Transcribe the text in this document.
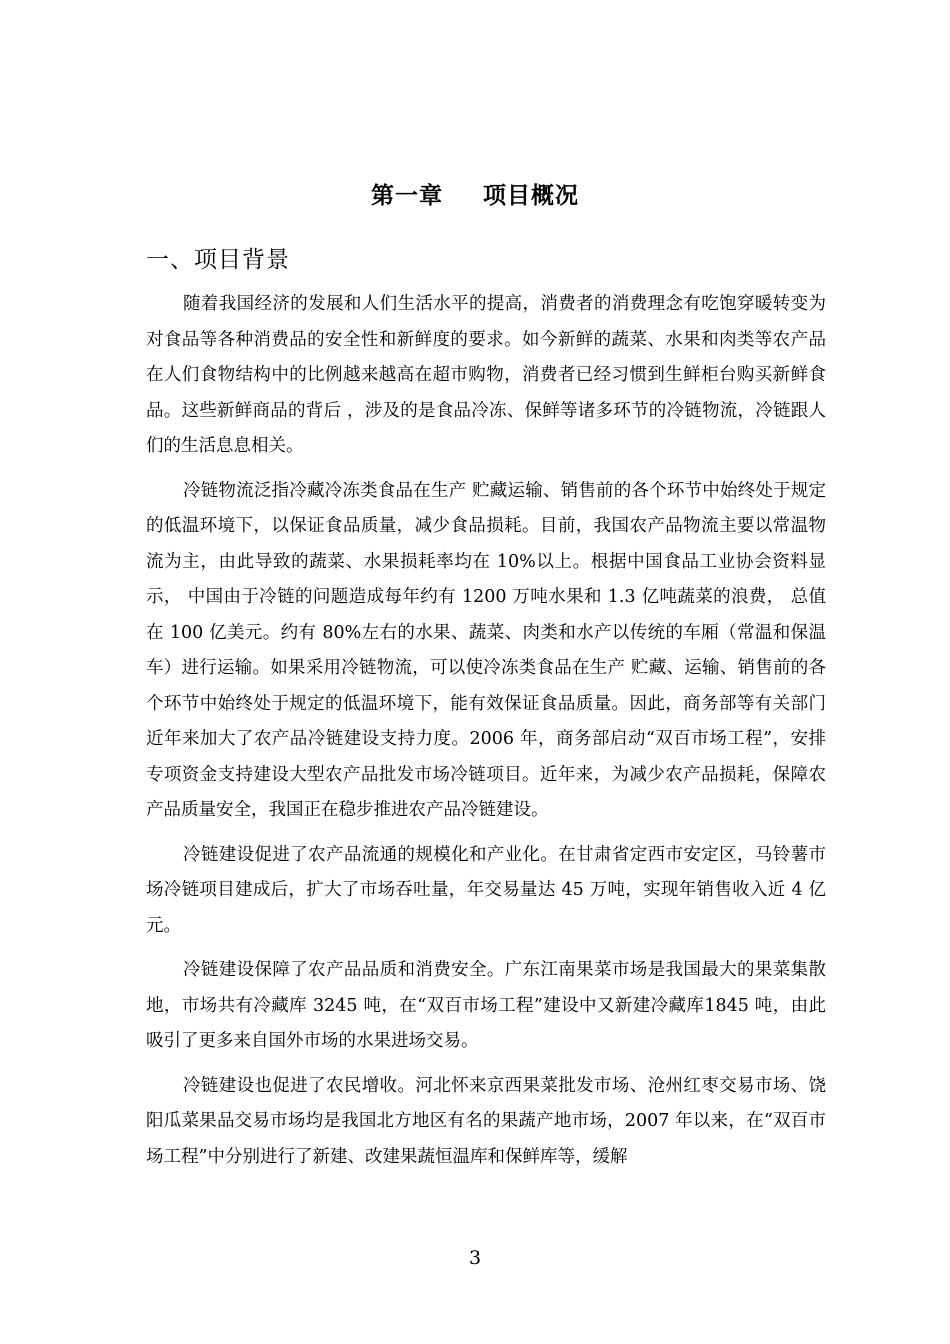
第一章 项目概况
一、项目背景

随着我国经济的发展和人们生活水平的提高，消费者的消费理念有吃饱穿暖转变为对食品等各种消费品的安全性和新鲜度的要求。如今新鲜的蔬菜、水果和肉类等农产品在人们食物结构中的比例越来越高在超市购物，消费者已经习惯到生鲜柜台购买新鲜食品。这些新鲜商品的背后 ，涉及的是食品冷冻、保鲜等诸多环节的冷链物流，冷链跟人们的生活息息相关。

冷链物流泛指冷藏冷冻类食品在生产 贮藏运输、销售前的各个环节中始终处于规定的低温环境下，以保证食品质量，减少食品损耗。目前，我国农产品物流主要以常温物流为主，由此导致的蔬菜、水果损耗率均在 10%以上。根据中国食品工业协会资料显示， 中国由于冷链的问题造成每年约有 1200 万吨水果和 1.3 亿吨蔬菜的浪费， 总值在 100 亿美元。约有 80%左右的水果、蔬菜、肉类和水产以传统的车厢（常温和保温车）进行运输。如果采用冷链物流，可以使冷冻类食品在生产 贮藏、运输、销售前的各个环节中始终处于规定的低温环境下，能有效保证食品质量。因此，商务部等有关部门近年来加大了农产品冷链建设支持力度。2006 年，商务部启动“双百市场工程”，安排专项资金支持建设大型农产品批发市场冷链项目。近年来，为减少农产品损耗，保障农产品质量安全，我国正在稳步推进农产品冷链建设。

冷链建设促进了农产品流通的规模化和产业化。在甘肃省定西市安定区，马铃薯市场冷链项目建成后，扩大了市场吞吐量，年交易量达 45 万吨，实现年销售收入近 4 亿元。

冷链建设保障了农产品品质和消费安全。广东江南果菜市场是我国最大的果菜集散地，市场共有冷藏库 3245 吨，在“双百市场工程”建设中又新建冷藏库1845 吨，由此吸引了更多来自国外市场的水果进场交易。

冷链建设也促进了农民增收。河北怀来京西果菜批发市场、沧州红枣交易市场、饶阳瓜菜果品交易市场均是我国北方地区有名的果蔬产地市场，2007 年以来，在“双百市场工程”中分别进行了新建、改建果蔬恒温库和保鲜库等，缓解

3
